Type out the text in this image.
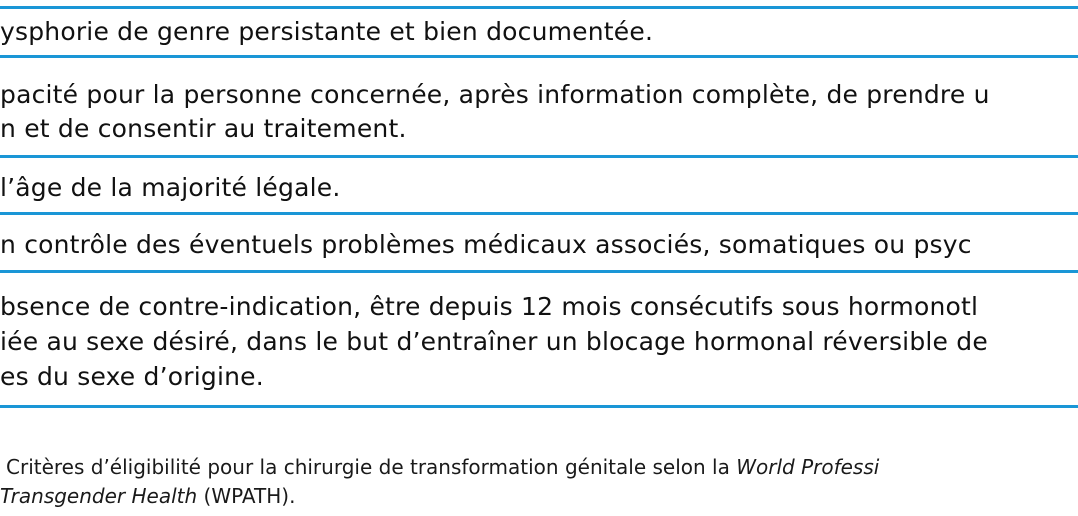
ysphorie de genre persistante et bien documentée.
pacité pour la personne concernée, après information complète, de prendre u
n et de consentir au traitement.
l’âge de la majorité légale.
n contrôle des éventuels problèmes médicaux associés, somatiques ou psyc
bsence de contre-indication, être depuis 12 mois consécutifs sous hormonotl
iée au sexe désiré, dans le but d’entraîner un blocage hormonal réversible de
es du sexe d’origine.
Critères d’éligibilité pour la chirurgie de transformation génitale selon la World Professi
Transgender Health (WPATH).
